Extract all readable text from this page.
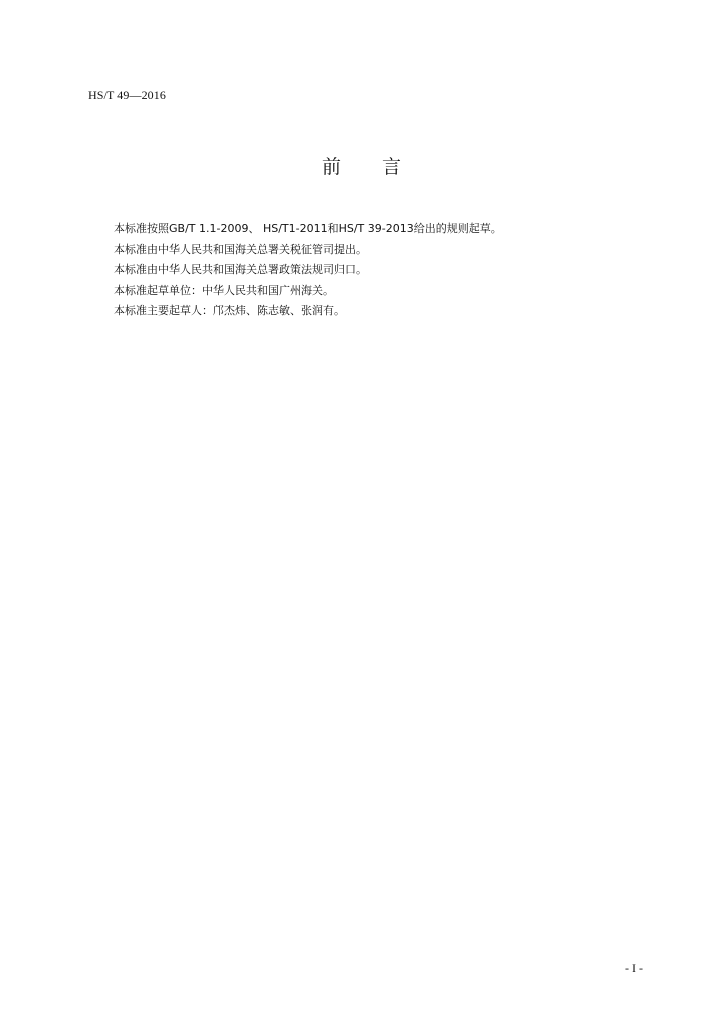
HS/T 49—2016
前　　言
本标准按照GB/T 1.1-2009、 HS/T1-2011和HS/T 39-2013给出的规则起草。
本标准由中华人民共和国海关总署关税征管司提出。
本标准由中华人民共和国海关总署政策法规司归口。
本标准起草单位：中华人民共和国广州海关。
本标准主要起草人：邝杰炜、陈志敏、张润有。
- I -
